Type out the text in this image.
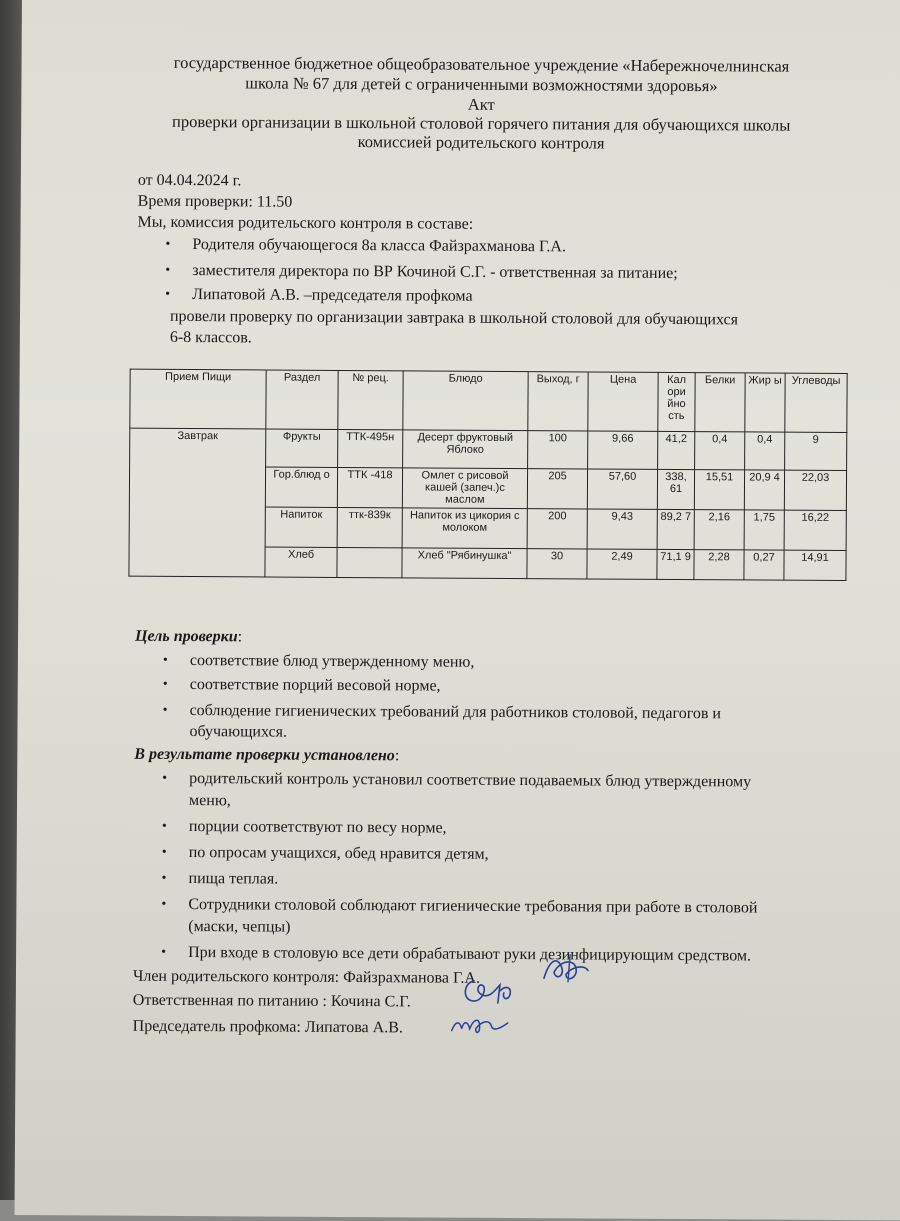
государственное бюджетное общеобразовательное учреждение «Набережночелнинская
школа № 67 для детей с ограниченными возможностями здоровья»
Акт
проверки организации в школьной столовой горячего питания для обучающихся школы
комиссией родительского контроля
от 04.04.2024 г.
Время проверки: 11.50
Мы, комиссия родительского контроля в составе:
•
Родителя обучающегося 8а класса Файзрахманова Г.А.
•
заместителя директора по ВР Кочиной С.Г. - ответственная за питание;
•
Липатовой А.В. –председателя профкома
провели проверку по организации завтрака в школьной столовой для обучающихся
6-8 классов.
Прием Пищи	Раздел	№ рец.	Блюдо	Выход, г	Цена	Кал ори йно сть	Белки	Жир ы	Углеводы
Завтрак	Фрукты	ТТК-495н	Десерт фруктовый Яблоко	100	9,66	41,2	0,4	0,4	9
	Гор.блюд о	ТТК -418	Омлет с рисовой кашей (запеч.)с маслом	205	57,60	338, 61	15,51	20,9 4	22,03
	Напиток	ттк-839к	Напиток из цикория с молоком	200	9,43	89,2 7	2,16	1,75	16,22
	Хлеб		Хлеб "Рябинушка"	30	2,49	71,1 9	2,28	0,27	14,91
Цель проверки:
•
соответствие блюд утвержденному меню,
•
соответствие порций весовой норме,
•
соблюдение гигиенических требований для работников столовой, педагогов и
обучающихся.
В результате проверки установлено:
•
родительский контроль установил соответствие подаваемых блюд утвержденному
меню,
•
порции соответствуют по весу норме,
•
по опросам учащихся, обед нравится детям,
•
пища теплая.
•
Сотрудники столовой соблюдают гигиенические требования при работе в столовой
(маски, чепцы)
•
При входе в столовую все дети обрабатывают руки дезинфицирующим средством.
Член родительского контроля: Файзрахманова Г.А.
Ответственная по питанию : Кочина С.Г.
Председатель профкома: Липатова А.В.
